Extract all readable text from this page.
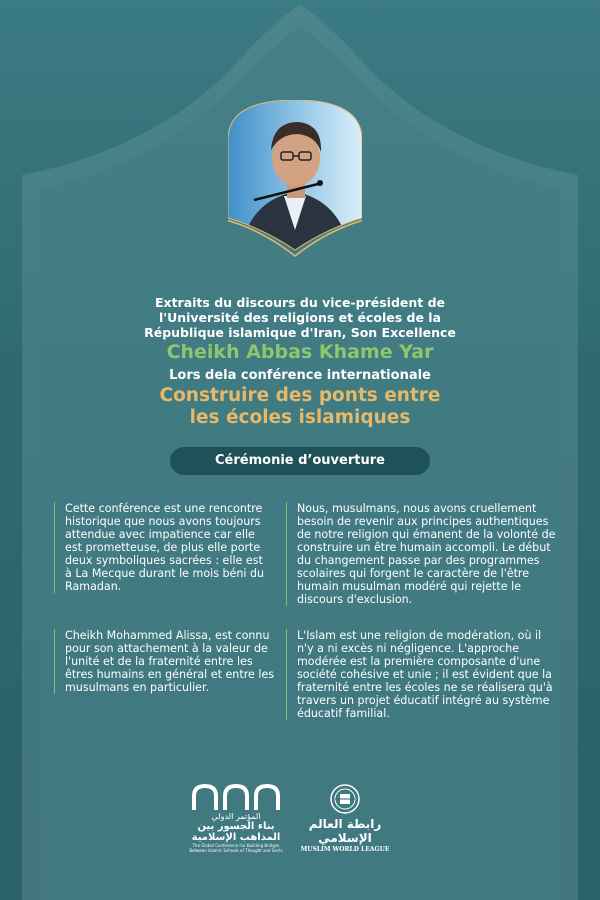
Extraits du discours du vice-président de
l'Université des religions et écoles de la
République islamique d'Iran, Son Excellence
Cheikh Abbas Khame Yar
Lors dela conférence internationale
Construire des ponts entre
les écoles islamiques
Cérémonie d’ouverture

Cette conférence est une rencontre historique que nous avons toujours attendue avec impatience car elle est prometteuse, de plus elle porte deux symboliques sacrées : elle est à La Mecque durant le mois béni du Ramadan.

Nous, musulmans, nous avons cruellement besoin de revenir aux principes authentiques de notre religion qui émanent de la volonté de construire un être humain accompli. Le début du changement passe par des programmes scolaires qui forgent le caractère de l'être humain musulman modéré qui rejette le discours d'exclusion.

Cheikh Mohammed Alissa, est connu pour son attachement à la valeur de l'unité et de la fraternité entre les êtres humains en général et entre les musulmans en particulier.

L'Islam est une religion de modération, où il n'y a ni excès ni négligence. L'approche modérée est la première composante d'une société cohésive et unie ; il est évident que la fraternité entre les écoles ne se réalisera qu'à travers un projet éducatif intégré au système éducatif familial.

المؤتمر الدولي
بناء الجسور بين
المذاهب الإسلامية
The Global Conference For Building Bridges
Between Islamic Schools of Thought and Sects
رابطة العالم الإسلامي
MUSLIM WORLD LEAGUE
